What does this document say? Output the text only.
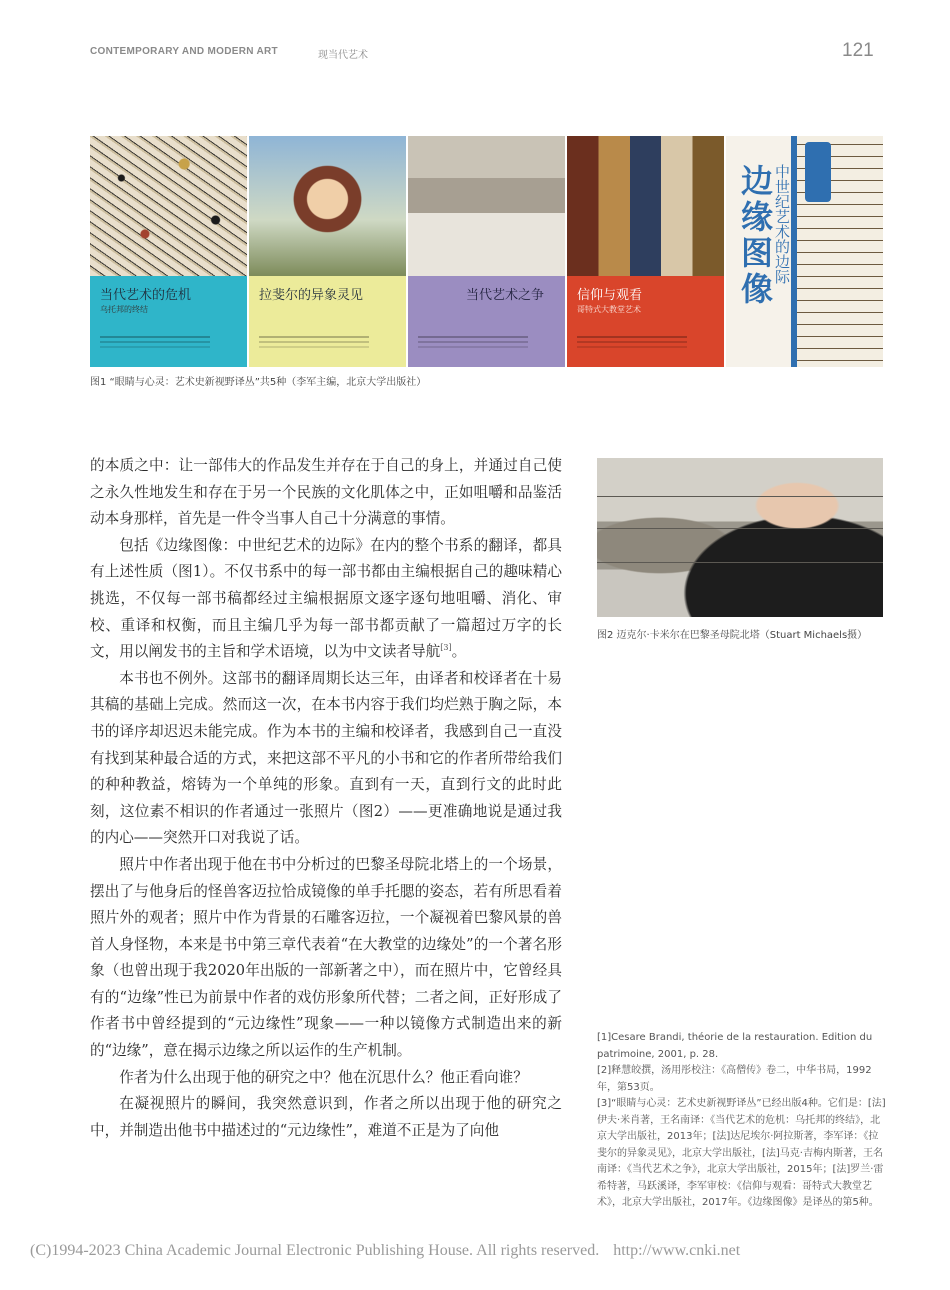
CONTEMPORARY AND MODERN ART	现当代艺术	121
当代艺术的危机
乌托邦的终结
拉斐尔的异象灵见	当代艺术之争	信仰与观看
哥特式大教堂艺术
边缘图像 中世纪艺术的边际
图1 “眼睛与心灵：艺术史新视野译丛”共5种（李军主编，北京大学出版社）

的本质之中：让一部伟大的作品发生并存在于自己的身上，并通过自己使之永久性地发生和存在于另一个民族的文化肌体之中，正如咀嚼和品鉴活动本身那样，首先是一件令当事人自己十分满意的事情。

包括《边缘图像：中世纪艺术的边际》在内的整个书系的翻译，都具有上述性质（图1）。不仅书系中的每一部书都由主编根据自己的趣味精心挑选，不仅每一部书稿都经过主编根据原文逐字逐句地咀嚼、消化、审校、重译和权衡，而且主编几乎为每一部书都贡献了一篇超过万字的长文，用以阐发书的主旨和学术语境，以为中文读者导航[3]。

本书也不例外。这部书的翻译周期长达三年，由译者和校译者在十易其稿的基础上完成。然而这一次，在本书内容于我们均烂熟于胸之际，本书的译序却迟迟未能完成。作为本书的主编和校译者，我感到自己一直没有找到某种最合适的方式，来把这部不平凡的小书和它的作者所带给我们的种种教益，熔铸为一个单纯的形象。直到有一天，直到行文的此时此刻，这位素不相识的作者通过一张照片（图2）——更准确地说是通过我的内心——突然开口对我说了话。

照片中作者出现于他在书中分析过的巴黎圣母院北塔上的一个场景，摆出了与他身后的怪兽客迈拉恰成镜像的单手托腮的姿态，若有所思看着照片外的观者；照片中作为背景的石雕客迈拉，一个凝视着巴黎风景的兽首人身怪物，本来是书中第三章代表着“在大教堂的边缘处”的一个著名形象（也曾出现于我2020年出版的一部新著之中），而在照片中，它曾经具有的“边缘”性已为前景中作者的戏仿形象所代替；二者之间，正好形成了作者书中曾经提到的“元边缘性”现象——一种以镜像方式制造出来的新的“边缘”，意在揭示边缘之所以运作的生产机制。

作者为什么出现于他的研究之中？他在沉思什么？他正看向谁？

在凝视照片的瞬间，我突然意识到，作者之所以出现于他的研究之中，并制造出他书中描述过的“元边缘性”，难道不正是为了向他

图2 迈克尔·卡米尔在巴黎圣母院北塔（Stuart Michaels摄）

[1]Cesare Brandi, théorie de la restauration. Edition du patrimoine, 2001, p. 28.

[2]释慧皎撰，汤用彤校注：《高僧传》卷二，中华书局，1992年，第53页。

[3]“眼睛与心灵：艺术史新视野译丛”已经出版4种。它们是：[法]伊夫·米肖著，王名南译：《当代艺术的危机：乌托邦的终结》，北京大学出版社，2013年；[法]达尼埃尔·阿拉斯著，李军译：《拉斐尔的异象灵见》，北京大学出版社，[法]马克·吉梅内斯著，王名南译：《当代艺术之争》，北京大学出版社，2015年；[法]罗兰·雷希特著，马跃溪译，李军审校：《信仰与观看：哥特式大教堂艺术》，北京大学出版社，2017年。《边缘图像》是译丛的第5种。

(C)1994-2023 China Academic Journal Electronic Publishing House. All rights reserved. http://www.cnki.net
